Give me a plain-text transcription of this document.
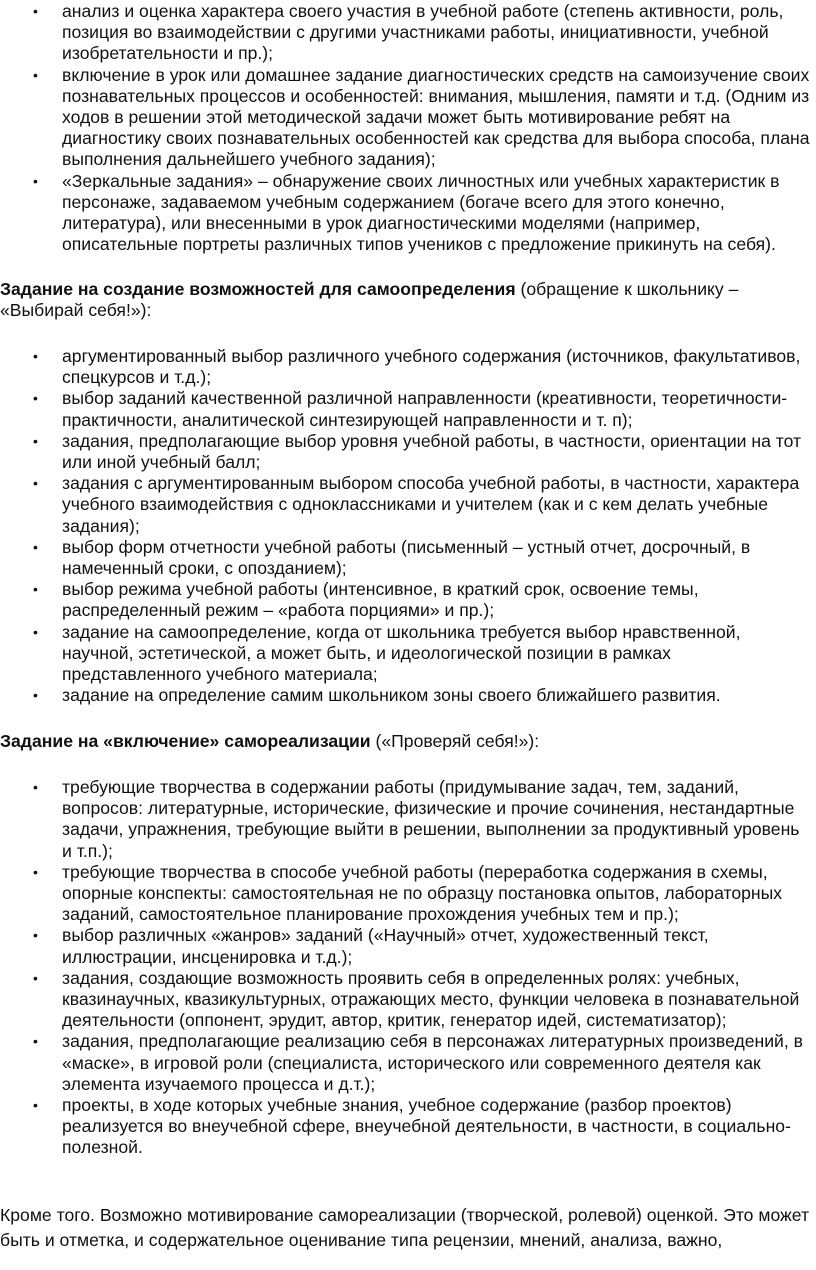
• анализ и оценка характера своего участия в учебной работе (степень активности, роль, позиция во взаимодействии с другими участниками работы, инициативности, учебной изобретательности и пр.);
• включение в урок или домашнее задание диагностических средств на самоизучение своих познавательных процессов и особенностей: внимания, мышления, памяти и т.д. (Одним из ходов в решении этой методической задачи может быть мотивирование ребят на диагностику своих познавательных особенностей как средства для выбора способа, плана выполнения дальнейшего учебного задания);
• «Зеркальные задания» – обнаружение своих личностных или учебных характеристик в персонаже, задаваемом учебным содержанием (богаче всего для этого конечно, литература), или внесенными в урок диагностическими моделями (например, описательные портреты различных типов учеников с предложение прикинуть на себя).

Задание на создание возможностей для самоопределения (обращение к школьнику – «Выбирай себя!»):

• аргументированный выбор различного учебного содержания (источников, факультативов, спецкурсов и т.д.);
• выбор заданий качественной различной направленности (креативности, теоретичности-практичности, аналитической синтезирующей направленности и т. п);
• задания, предполагающие выбор уровня учебной работы, в частности, ориентации на тот или иной учебный балл;
• задания с аргументированным выбором способа учебной работы, в частности, характера учебного взаимодействия с одноклассниками и учителем (как и с кем делать учебные задания);
• выбор форм отчетности учебной работы (письменный – устный отчет, досрочный, в намеченный сроки, с опозданием);
• выбор режима учебной работы (интенсивное, в краткий срок, освоение темы, распределенный режим – «работа порциями» и пр.);
• задание на самоопределение, когда от школьника требуется выбор нравственной, научной, эстетической, а может быть, и идеологической позиции в рамках представленного учебного материала;
• задание на определение самим школьником зоны своего ближайшего развития.

Задание на «включение» самореализации («Проверяй себя!»):

• требующие творчества в содержании работы (придумывание задач, тем, заданий, вопросов: литературные, исторические, физические и прочие сочинения, нестандартные задачи, упражнения, требующие выйти в решении, выполнении за продуктивный уровень и т.п.);
• требующие творчества в способе учебной работы (переработка содержания в схемы, опорные конспекты: самостоятельная не по образцу постановка опытов, лабораторных заданий, самостоятельное планирование прохождения учебных тем и пр.);
• выбор различных «жанров» заданий («Научный» отчет, художественный текст, иллюстрации, инсценировка и т.д.);
• задания, создающие возможность проявить себя в определенных ролях: учебных, квазинаучных, квазикультурных, отражающих место, функции человека в познавательной деятельности (оппонент, эрудит, автор, критик, генератор идей, систематизатор);
• задания, предполагающие реализацию себя в персонажах литературных произведений, в «маске», в игровой роли (специалиста, исторического или современного деятеля как элемента изучаемого процесса и д.т.);
• проекты, в ходе которых учебные знания, учебное содержание (разбор проектов) реализуется во внеучебной сфере, внеучебной деятельности, в частности, в социально-полезной.

Кроме того. Возможно мотивирование самореализации (творческой, ролевой) оценкой. Это может быть и отметка, и содержательное оценивание типа рецензии, мнений, анализа, важно,
